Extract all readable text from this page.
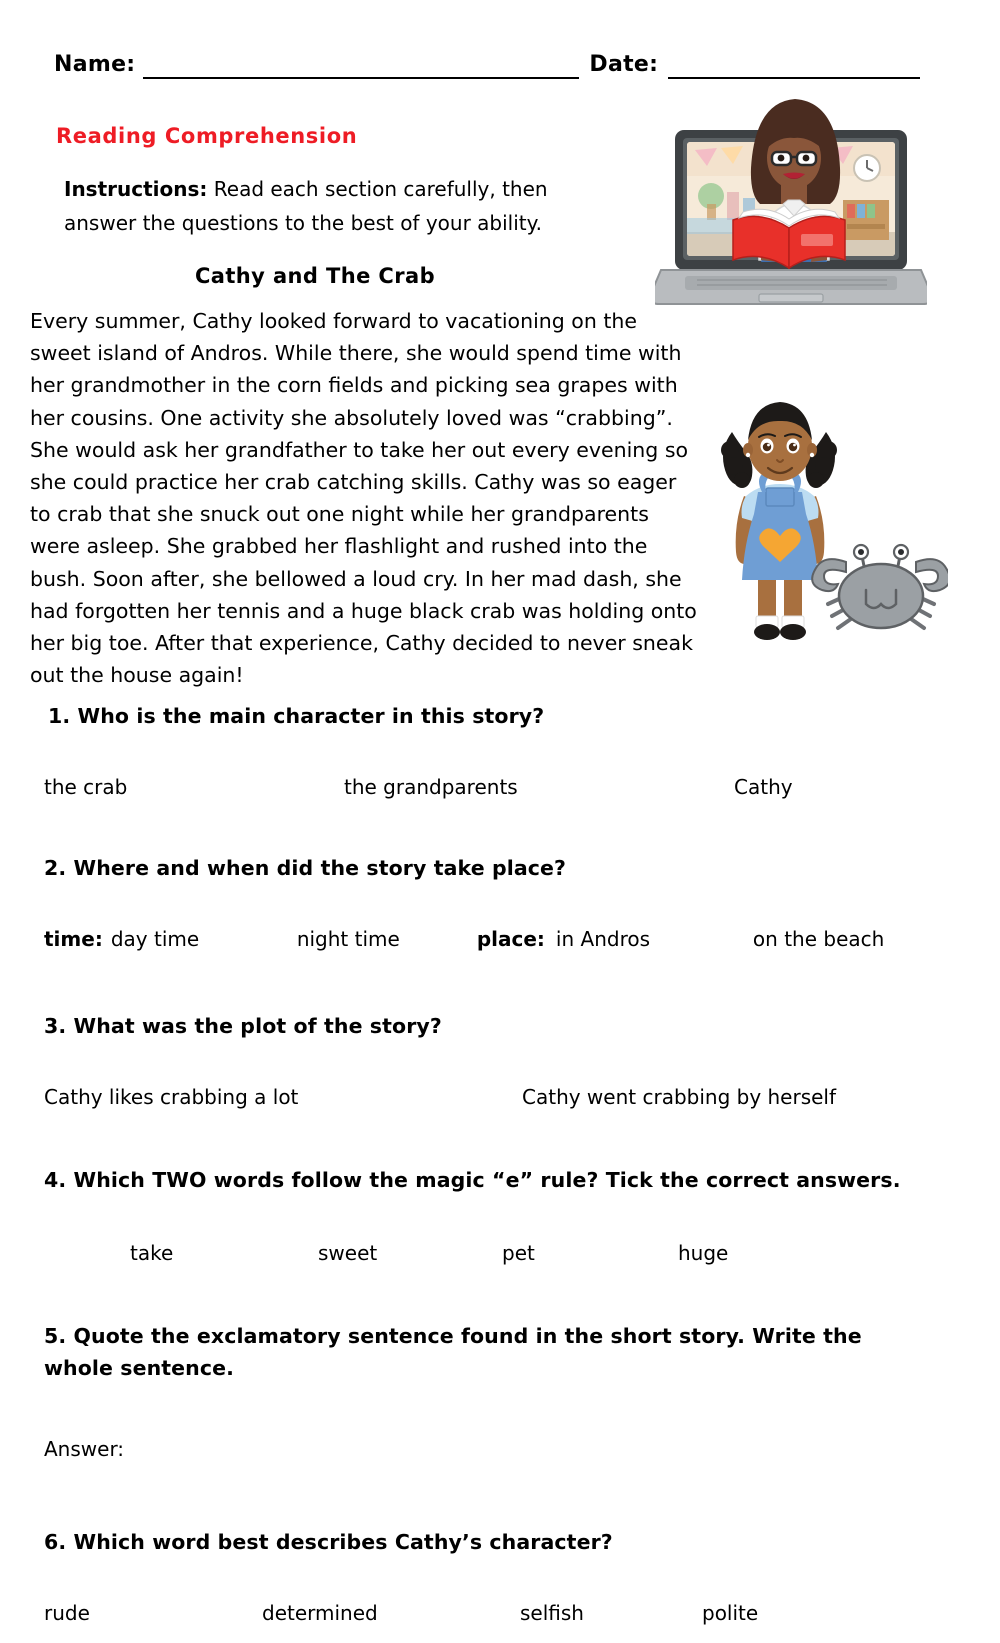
Name:	Date:
Reading Comprehension
Instructions: Read each section carefully, then answer the questions to the best of your ability.
Cathy and The Crab
Every summer, Cathy looked forward to vacationing on the sweet island of Andros. While there, she would spend time with her grandmother in the corn fields and picking sea grapes with her cousins. One activity she absolutely loved was “crabbing”. She would ask her grandfather to take her out every evening so she could practice her crab catching skills. Cathy was so eager to crab that she snuck out one night while her grandparents were asleep. She grabbed her flashlight and rushed into the bush. Soon after, she bellowed a loud cry. In her mad dash, she had forgotten her tennis and a huge black crab was holding onto her big toe. After that experience, Cathy decided to never sneak out the house again!
1. Who is the main character in this story?
the crab	the grandparents	Cathy
2. Where and when did the story take place?
time: day time	night time	place: in Andros	on the beach
3. What was the plot of the story?
Cathy likes crabbing a lot	Cathy went crabbing by herself
4. Which TWO words follow the magic “e” rule? Tick the correct answers.
take	sweet	pet	huge
5. Quote the exclamatory sentence found in the short story. Write the whole sentence.
Answer:
6. Which word best describes Cathy’s character?
rude	determined	selfish	polite
